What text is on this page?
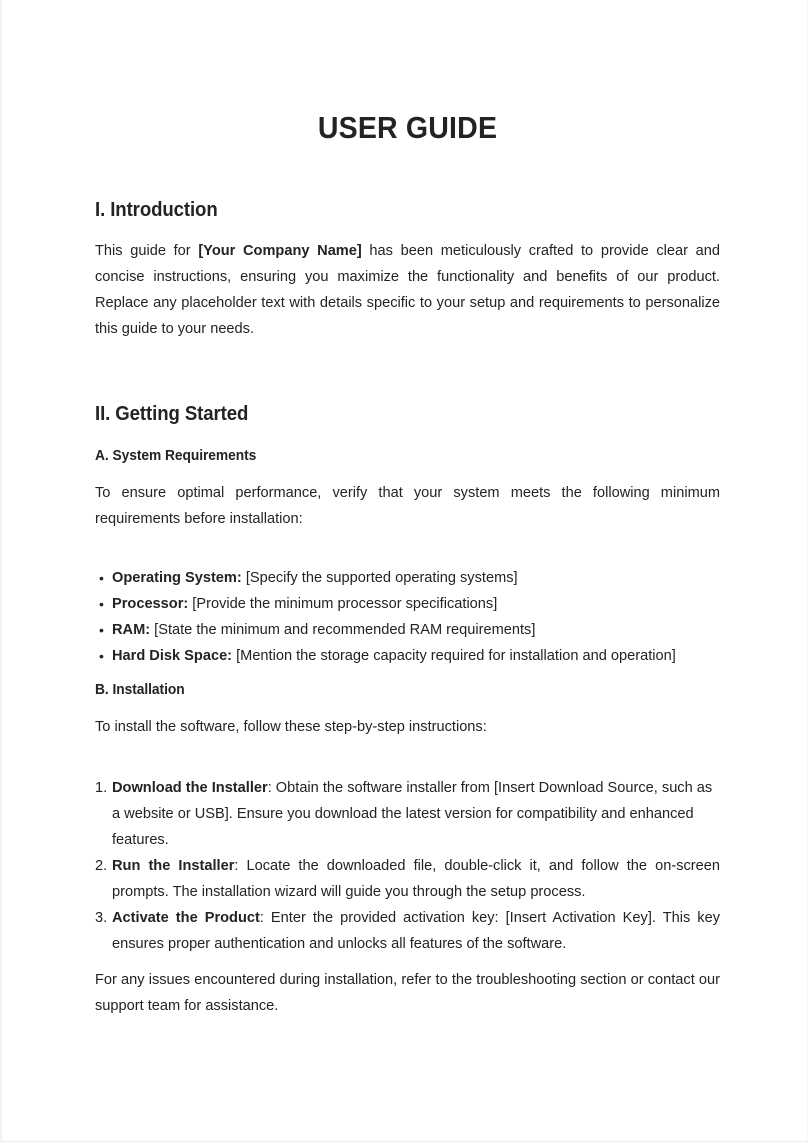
USER GUIDE
I. Introduction

This guide for [Your Company Name] has been meticulously crafted to provide clear and concise instructions, ensuring you maximize the functionality and benefits of our product. Replace any placeholder text with details specific to your setup and requirements to personalize this guide to your needs.

II. Getting Started
A. System Requirements

To ensure optimal performance, verify that your system meets the following minimum requirements before installation:

• Operating System: [Specify the supported operating systems]
• Processor: [Provide the minimum processor specifications]
• RAM: [State the minimum and recommended RAM requirements]
• Hard Disk Space: [Mention the storage capacity required for installation and operation]
B. Installation

To install the software, follow these step-by-step instructions:

Download the Installer: Obtain the software installer from [Insert Download Source, such as a website or USB]. Ensure you download the latest version for compatibility and enhanced features.
Run the Installer: Locate the downloaded file, double-click it, and follow the on-screen prompts. The installation wizard will guide you through the setup process.
Activate the Product: Enter the provided activation key: [Insert Activation Key]. This key ensures proper authentication and unlocks all features of the software.

For any issues encountered during installation, refer to the troubleshooting section or contact our support team for assistance.
